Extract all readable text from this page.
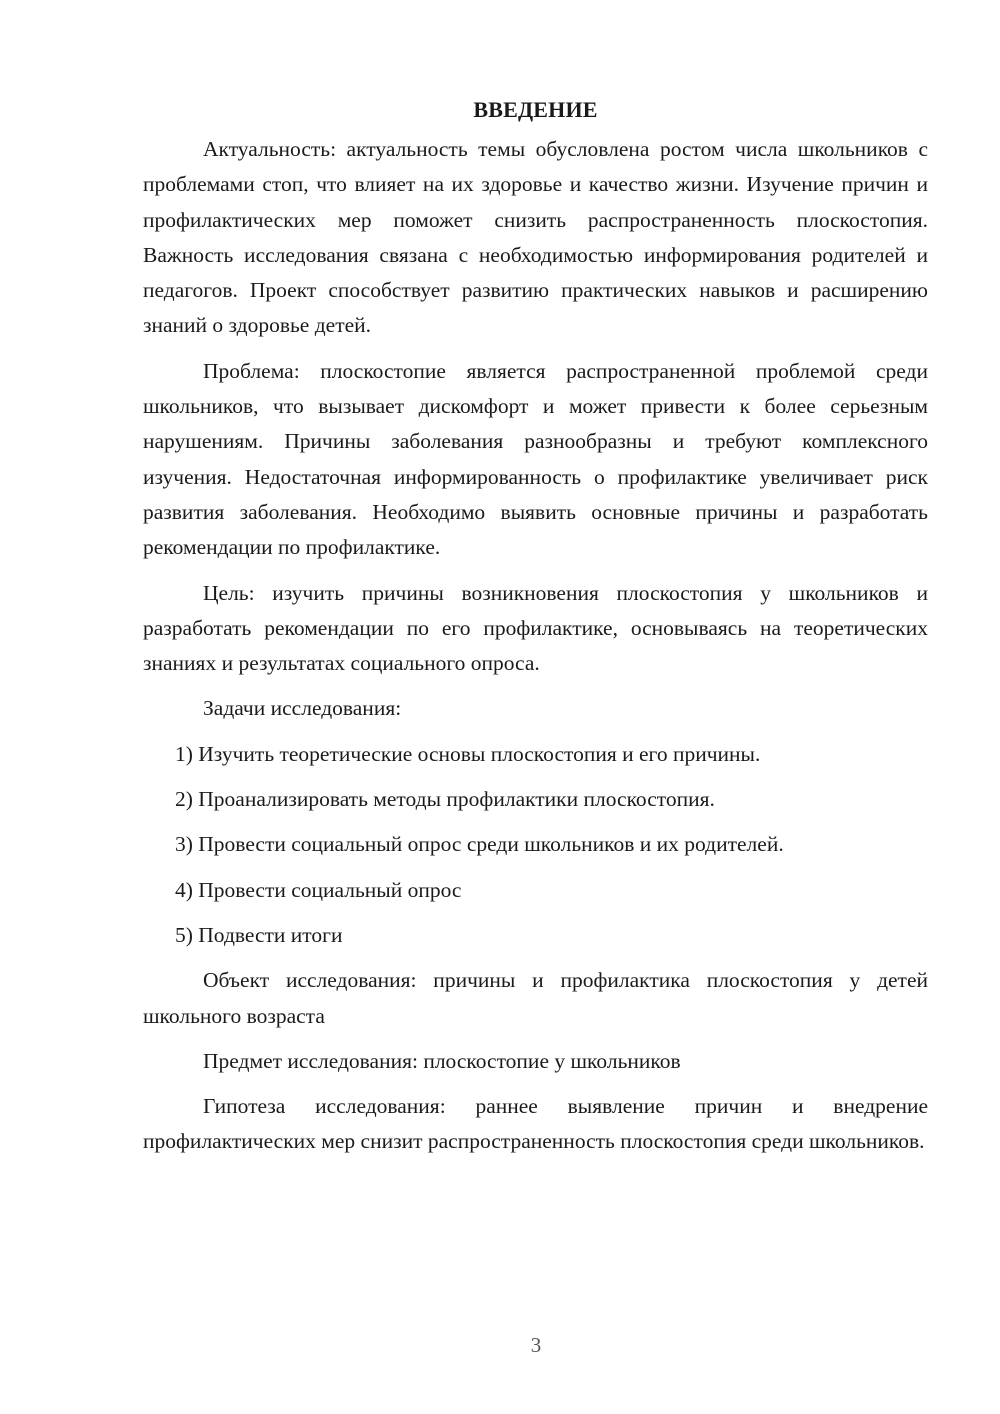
ВВЕДЕНИЕ

Актуальность: актуальность темы обусловлена ростом числа школьников с проблемами стоп, что влияет на их здоровье и качество жизни. Изучение причин и профилактических мер поможет снизить распространенность плоскостопия. Важность исследования связана с необходимостью информирования родителей и педагогов. Проект способствует развитию практических навыков и расширению знаний о здоровье детей.

Проблема: плоскостопие является распространенной проблемой среди школьников, что вызывает дискомфорт и может привести к более серьезным нарушениям. Причины заболевания разнообразны и требуют комплексного изучения. Недостаточная информированность о профилактике увеличивает риск развития заболевания. Необходимо выявить основные причины и разработать рекомендации по профилактике.

Цель: изучить причины возникновения плоскостопия у школьников и разработать рекомендации по его профилактике, основываясь на теоретических знаниях и результатах социального опроса.

Задачи исследования:

1) Изучить теоретические основы плоскостопия и его причины.
2) Проанализировать методы профилактики плоскостопия.
3) Провести социальный опрос среди школьников и их родителей.
4) Провести социальный опрос
5) Подвести итоги

Объект исследования: причины и профилактика плоскостопия у детей школьного возраста

Предмет исследования: плоскостопие у школьников

Гипотеза исследования: раннее выявление причин и внедрение профилактических мер снизит распространенность плоскостопия среди школьников.

3
